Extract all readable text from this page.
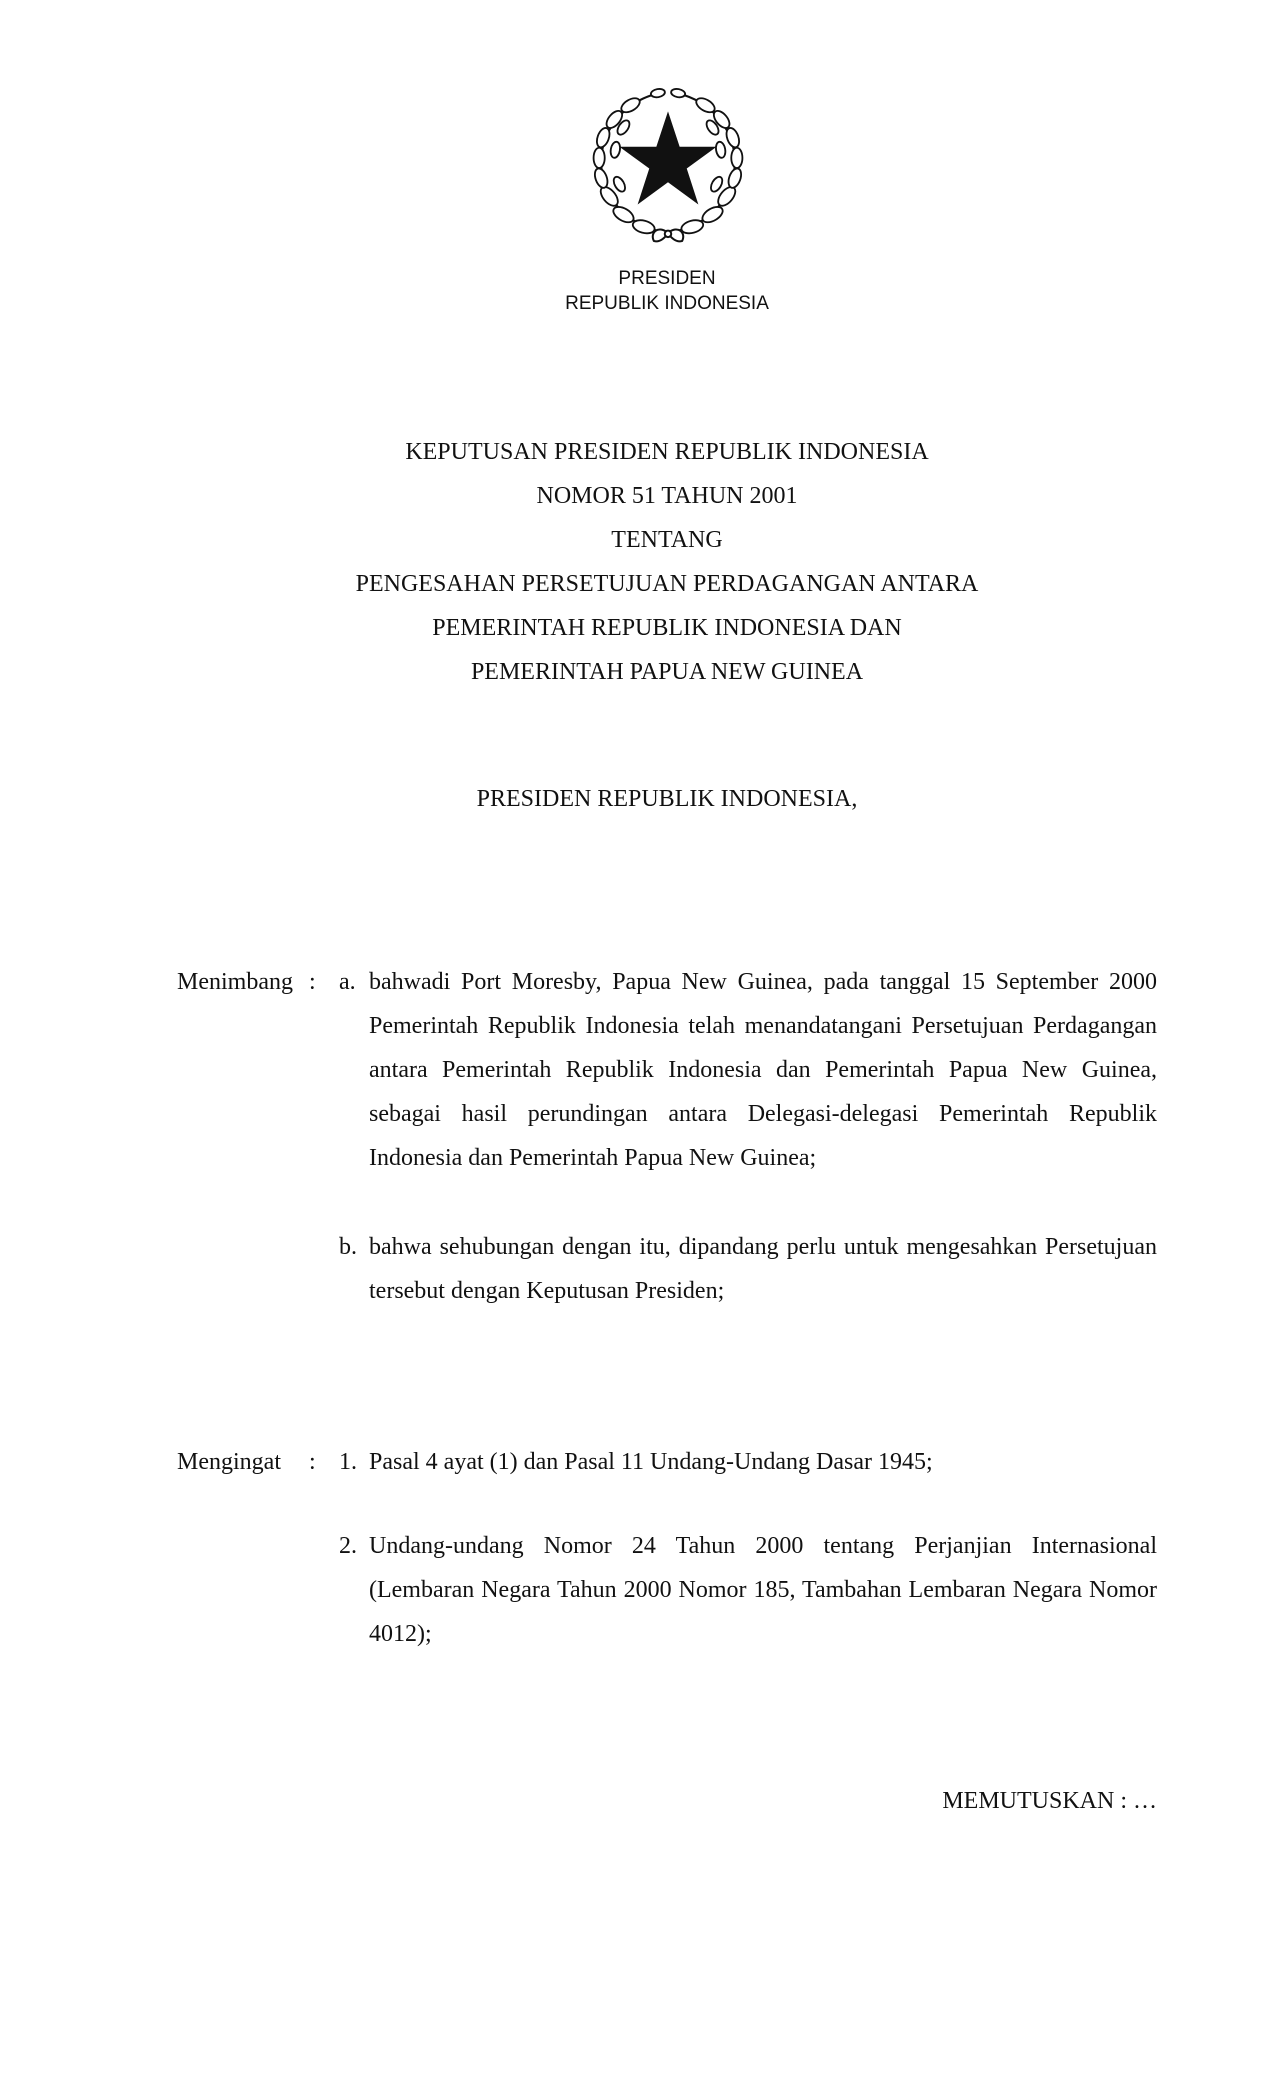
PRESIDEN
REPUBLIK INDONESIA
KEPUTUSAN PRESIDEN REPUBLIK INDONESIA
NOMOR 51 TAHUN 2001
TENTANG
PENGESAHAN PERSETUJUAN PERDAGANGAN ANTARA
PEMERINTAH REPUBLIK INDONESIA DAN
PEMERINTAH PAPUA NEW GUINEA
PRESIDEN REPUBLIK INDONESIA,
Menimbang : a. bahwadi Port Moresby, Papua New Guinea, pada tanggal 15 September 2000 Pemerintah Republik Indonesia telah menandatangani Persetujuan Perdagangan antara Pemerintah Republik Indonesia dan Pemerintah Papua New Guinea, sebagai hasil perundingan antara Delegasi-delegasi Pemerintah Republik Indonesia dan Pemerintah Papua New Guinea;
b. bahwa sehubungan dengan itu, dipandang perlu untuk mengesahkan Persetujuan tersebut dengan Keputusan Presiden;
Mengingat : 1. Pasal 4 ayat (1) dan Pasal 11 Undang-Undang Dasar 1945;
2. Undang-undang Nomor 24 Tahun 2000 tentang Perjanjian Internasional (Lembaran Negara Tahun 2000 Nomor 185, Tambahan Lembaran Negara Nomor 4012);
MEMUTUSKAN : …
